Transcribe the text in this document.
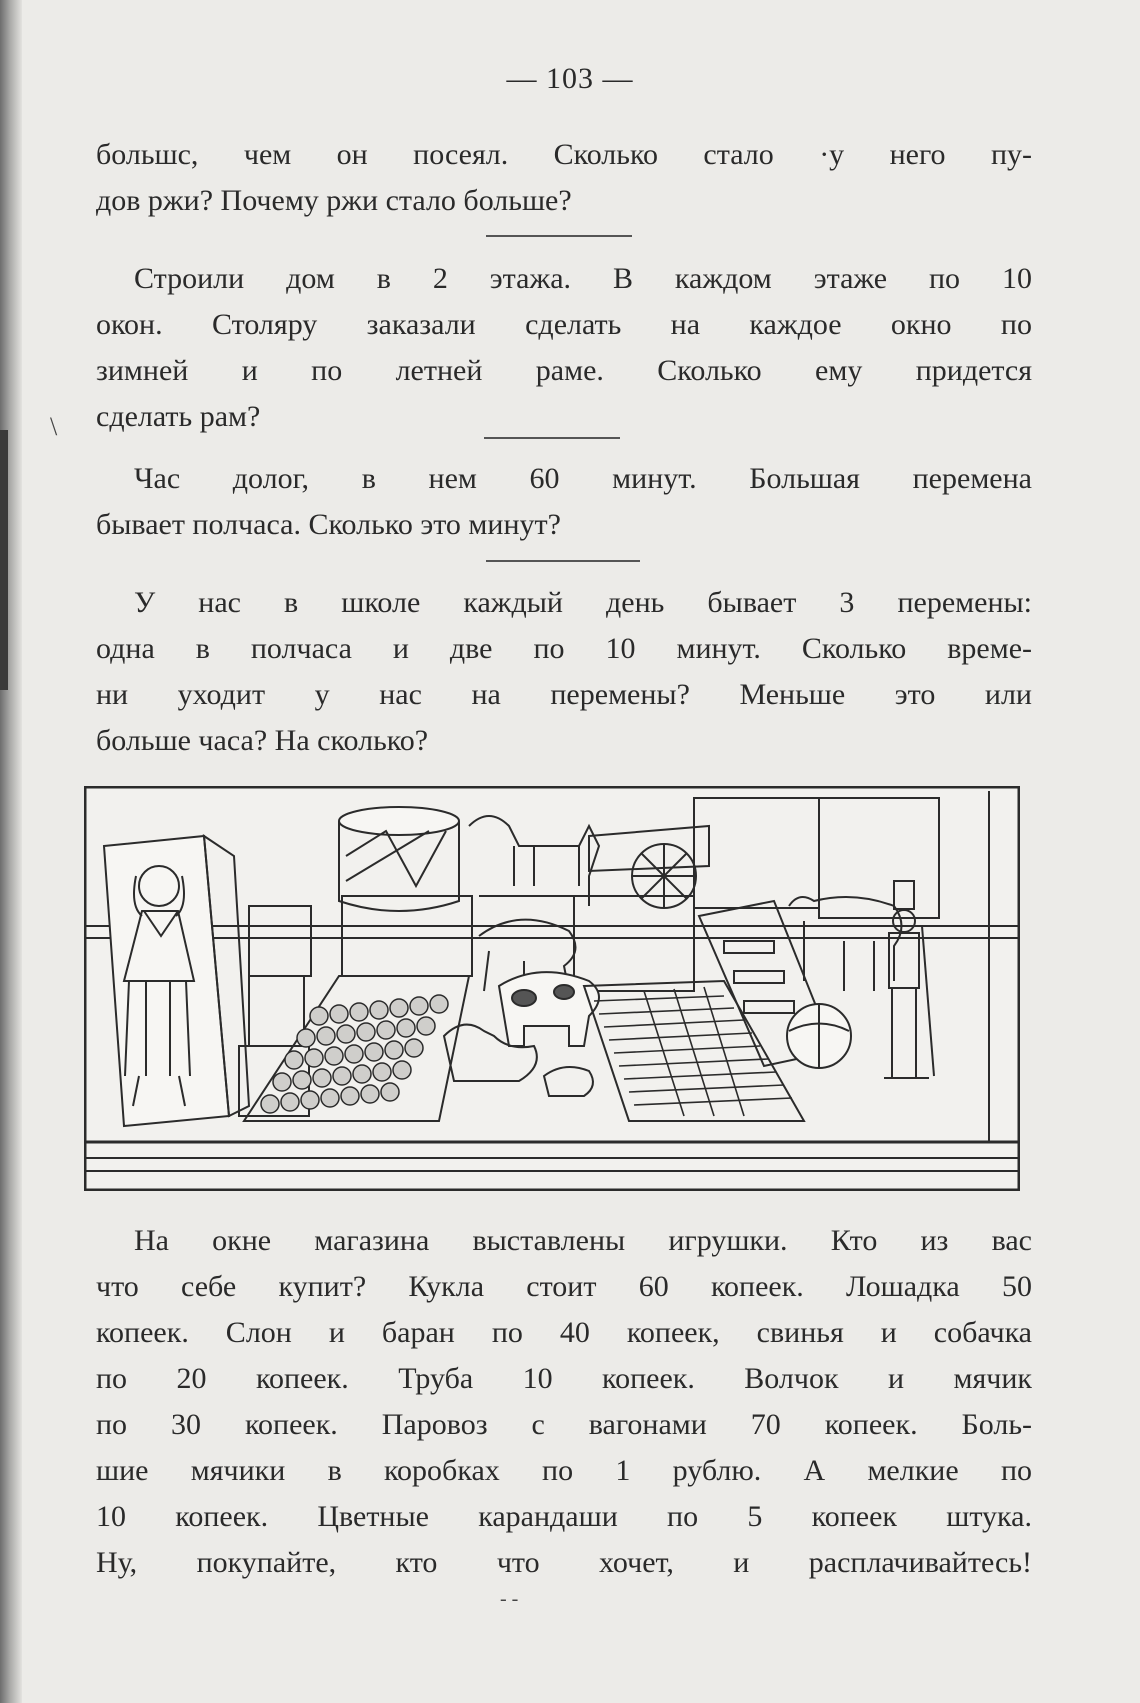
— 103 —
большс, чем он посеял. Сколько стало ·у него пу-
дов ржи? Почему ржи стало больше?
Строили дом в 2 этажа. В каждом этаже по 10
окон. Столяру заказали сделать на каждое окно по
зимней и по летней раме. Сколько ему придется
сделать рам?
\
Час долог, в нем 60 минут. Большая перемена
бывает полчаса. Сколько это минут?
У нас в школе каждый день бывает 3 перемены:
одна в полчаса и две по 10 минут. Сколько време-
ни уходит у нас на перемены? Меньше это или
больше часа? На сколько?
На окне магазина выставлены игрушки. Кто из вас
что себе купит? Кукла стоит 60 копеек. Лошадка 50
копеек. Слон и баран по 40 копеек, свинья и собачка
по 20 копеек. Труба 10 копеек. Волчок и мячик
по 30 копеек. Паровоз с вагонами 70 копеек. Боль-
шие мячики в коробках по 1 рублю. А мелкие по
10 копеек. Цветные карандаши по 5 копеек штука.
Ну, покупайте, кто что хочет, и расплачивайтесь!
- -
